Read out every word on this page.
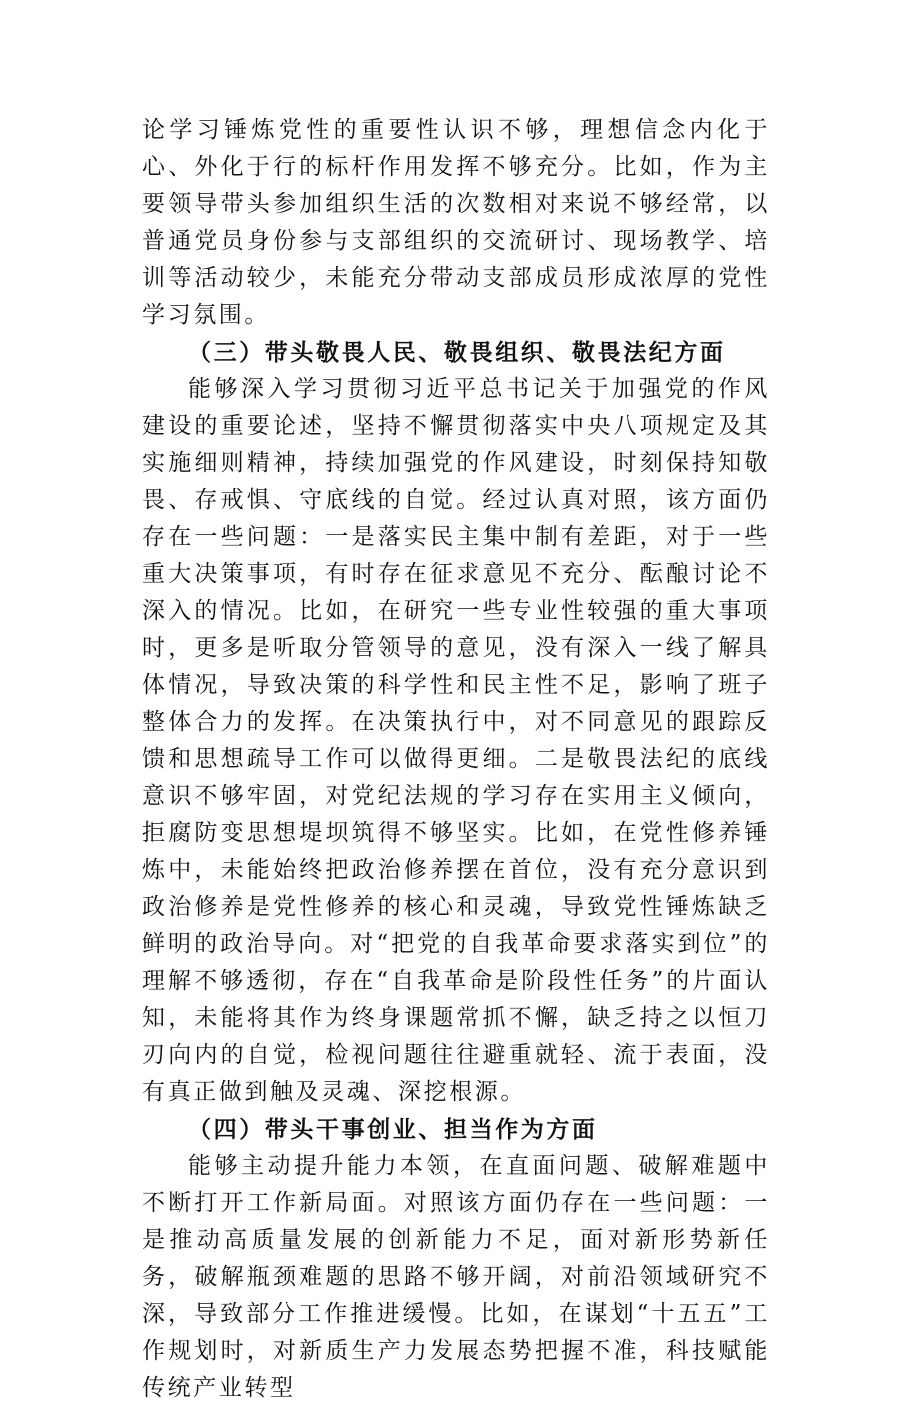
论学习锤炼党性的重要性认识不够，理想信念内化于心、外化于行的标杆作用发挥不够充分。比如，作为主要领导带头参加组织生活的次数相对来说不够经常，以普通党员身份参与支部组织的交流研讨、现场教学、培训等活动较少，未能充分带动支部成员形成浓厚的党性学习氛围。

（三）带头敬畏人民、敬畏组织、敬畏法纪方面

能够深入学习贯彻习近平总书记关于加强党的作风建设的重要论述，坚持不懈贯彻落实中央八项规定及其实施细则精神，持续加强党的作风建设，时刻保持知敬畏、存戒惧、守底线的自觉。经过认真对照，该方面仍存在一些问题：一是落实民主集中制有差距，对于一些重大决策事项，有时存在征求意见不充分、酝酿讨论不深入的情况。比如，在研究一些专业性较强的重大事项时，更多是听取分管领导的意见，没有深入一线了解具体情况，导致决策的科学性和民主性不足，影响了班子整体合力的发挥。在决策执行中，对不同意见的跟踪反馈和思想疏导工作可以做得更细。二是敬畏法纪的底线意识不够牢固，对党纪法规的学习存在实用主义倾向，拒腐防变思想堤坝筑得不够坚实。比如，在党性修养锤炼中，未能始终把政治修养摆在首位，没有充分意识到政治修养是党性修养的核心和灵魂，导致党性锤炼缺乏鲜明的政治导向。对“把党的自我革命要求落实到位”的理解不够透彻，存在“自我革命是阶段性任务”的片面认知，未能将其作为终身课题常抓不懈，缺乏持之以恒刀刃向内的自觉，检视问题往往避重就轻、流于表面，没有真正做到触及灵魂、深挖根源。

（四）带头干事创业、担当作为方面

能够主动提升能力本领，在直面问题、破解难题中不断打开工作新局面。对照该方面仍存在一些问题：一是推动高质量发展的创新能力不足，面对新形势新任务，破解瓶颈难题的思路不够开阔，对前沿领域研究不深，导致部分工作推进缓慢。比如，在谋划“十五五”工作规划时，对新质生产力发展态势把握不准，科技赋能传统产业转型
